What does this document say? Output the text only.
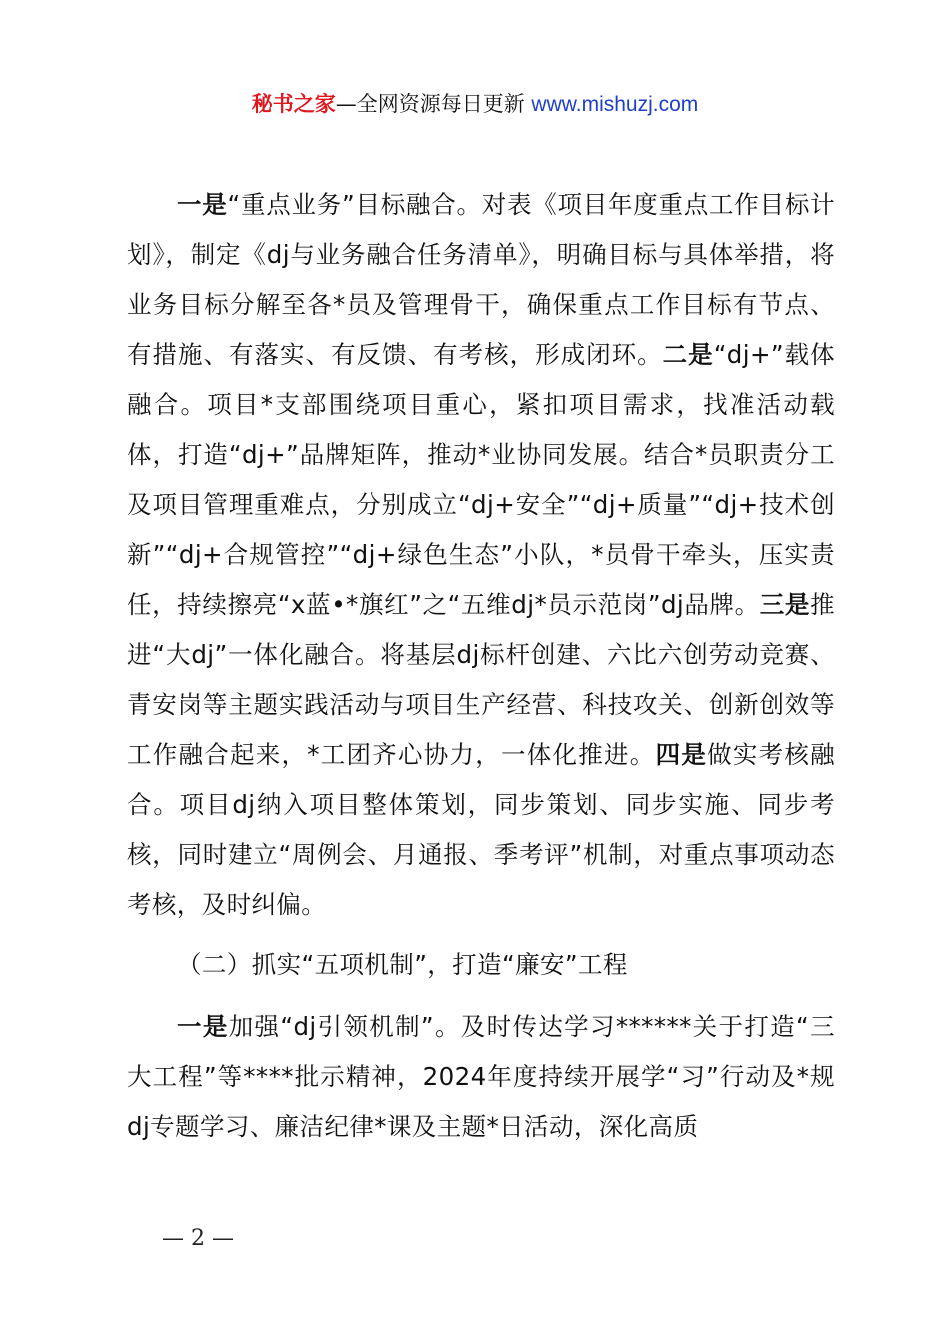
秘书之家—全网资源每日更新 www.mishuzj.com

一是“重点业务”目标融合。对表《项目年度重点工作目标计划》，制定《dj与业务融合任务清单》，明确目标与具体举措，将业务目标分解至各*员及管理骨干，确保重点工作目标有节点、有措施、有落实、有反馈、有考核，形成闭环。二是“dj+”载体融合。项目*支部围绕项目重心，紧扣项目需求，找准活动载体，打造“dj+”品牌矩阵，推动*业协同发展。结合*员职责分工及项目管理重难点，分别成立“dj+安全”“dj+质量”“dj+技术创新”“dj+合规管控”“dj+绿色生态”小队，*员骨干牵头，压实责任，持续擦亮“x蓝•*旗红”之“五维dj*员示范岗”dj品牌。三是推进“大dj”一体化融合。将基层dj标杆创建、六比六创劳动竞赛、青安岗等主题实践活动与项目生产经营、科技攻关、创新创效等工作融合起来，*工团齐心协力，一体化推进。四是做实考核融合。项目dj纳入项目整体策划，同步策划、同步实施、同步考核，同时建立“周例会、月通报、季考评”机制，对重点事项动态考核，及时纠偏。

（二）抓实“五项机制”，打造“廉安”工程

一是加强“dj引领机制”。及时传达学习******关于打造“三大工程”等****批示精神，2024年度持续开展学“习”行动及*规dj专题学习、廉洁纪律*课及主题*日活动，深化高质

— 2 —
